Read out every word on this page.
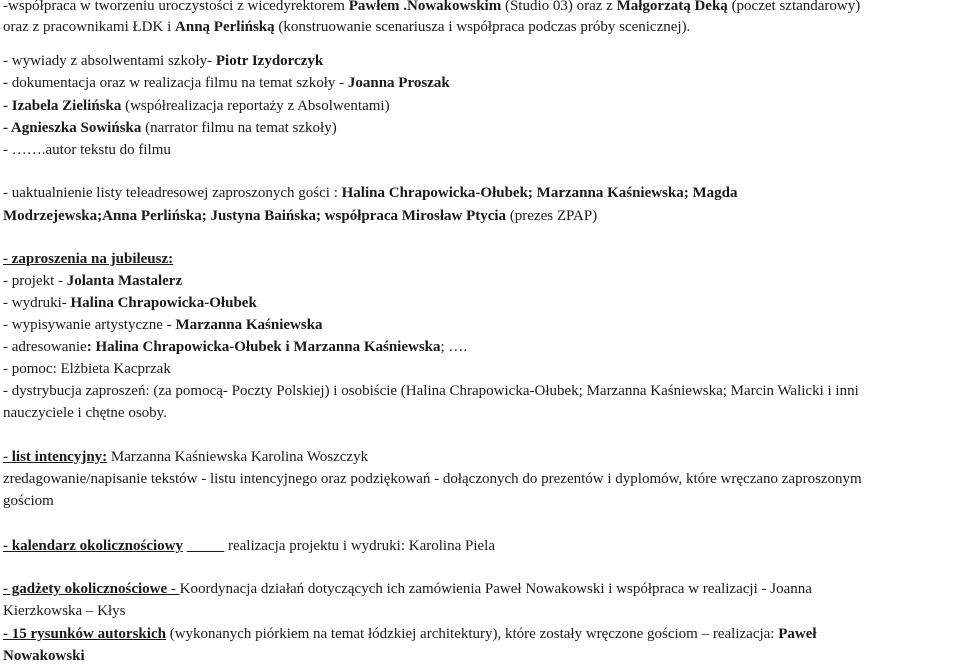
-współpraca w tworzeniu uroczystości z wicedyrektorem Pawłem .Nowakowskim (Studio 03) oraz z Małgorzatą Deką (poczet sztandarowy)
oraz z pracownikami ŁDK i Anną Perlińską (konstruowanie scenariusza i współpraca podczas próby scenicznej).
- wywiady z absolwentami szkoły- Piotr Izydorczyk
- dokumentacja oraz w realizacja filmu na temat szkoły - Joanna Proszak
- Izabela Zielińska (współrealizacja reportaży z Absolwentami)
- Agnieszka Sowińska (narrator filmu na temat szkoły)
- …….autor tekstu do filmu
- uaktualnienie listy teleadresowej zaproszonych gości : Halina Chrapowicka-Ołubek; Marzanna Kaśniewska; Magda
Modrzejewska;Anna Perlińska; Justyna Baińska; współpraca Mirosław Ptycia (prezes ZPAP)
- zaproszenia na jubileusz:
- projekt - Jolanta Mastalerz
- wydruki- Halina Chrapowicka-Ołubek
- wypisywanie artystyczne - Marzanna Kaśniewska
- adresowanie: Halina Chrapowicka-Ołubek i Marzanna Kaśniewska; ….
- pomoc: Elżbieta Kacprzak
- dystrybucja zaproszeń: (za pomocą- Poczty Polskiej) i osobiście (Halina Chrapowicka-Ołubek; Marzanna Kaśniewska; Marcin Walicki i inni
nauczyciele i chętne osoby.
- list intencyjny: Marzanna Kaśniewska Karolina Woszczyk
zredagowanie/napisanie tekstów - listu intencyjnego oraz podziękowań - dołączonych do prezentów i dyplomów, które wręczano zaproszonym
gościom
- kalendarz okolicznościowy	realizacja projektu i wydruki: Karolina Piela
- gadżety okolicznościowe - Koordynacja działań dotyczących ich zamówienia Paweł Nowakowski i współpraca w realizacji - Joanna
Kierzkowska – Kłys
- 15 rysunków autorskich (wykonanych piórkiem na temat łódzkiej architektury), które zostały wręczone gościom – realizacja: Paweł
Nowakowski
